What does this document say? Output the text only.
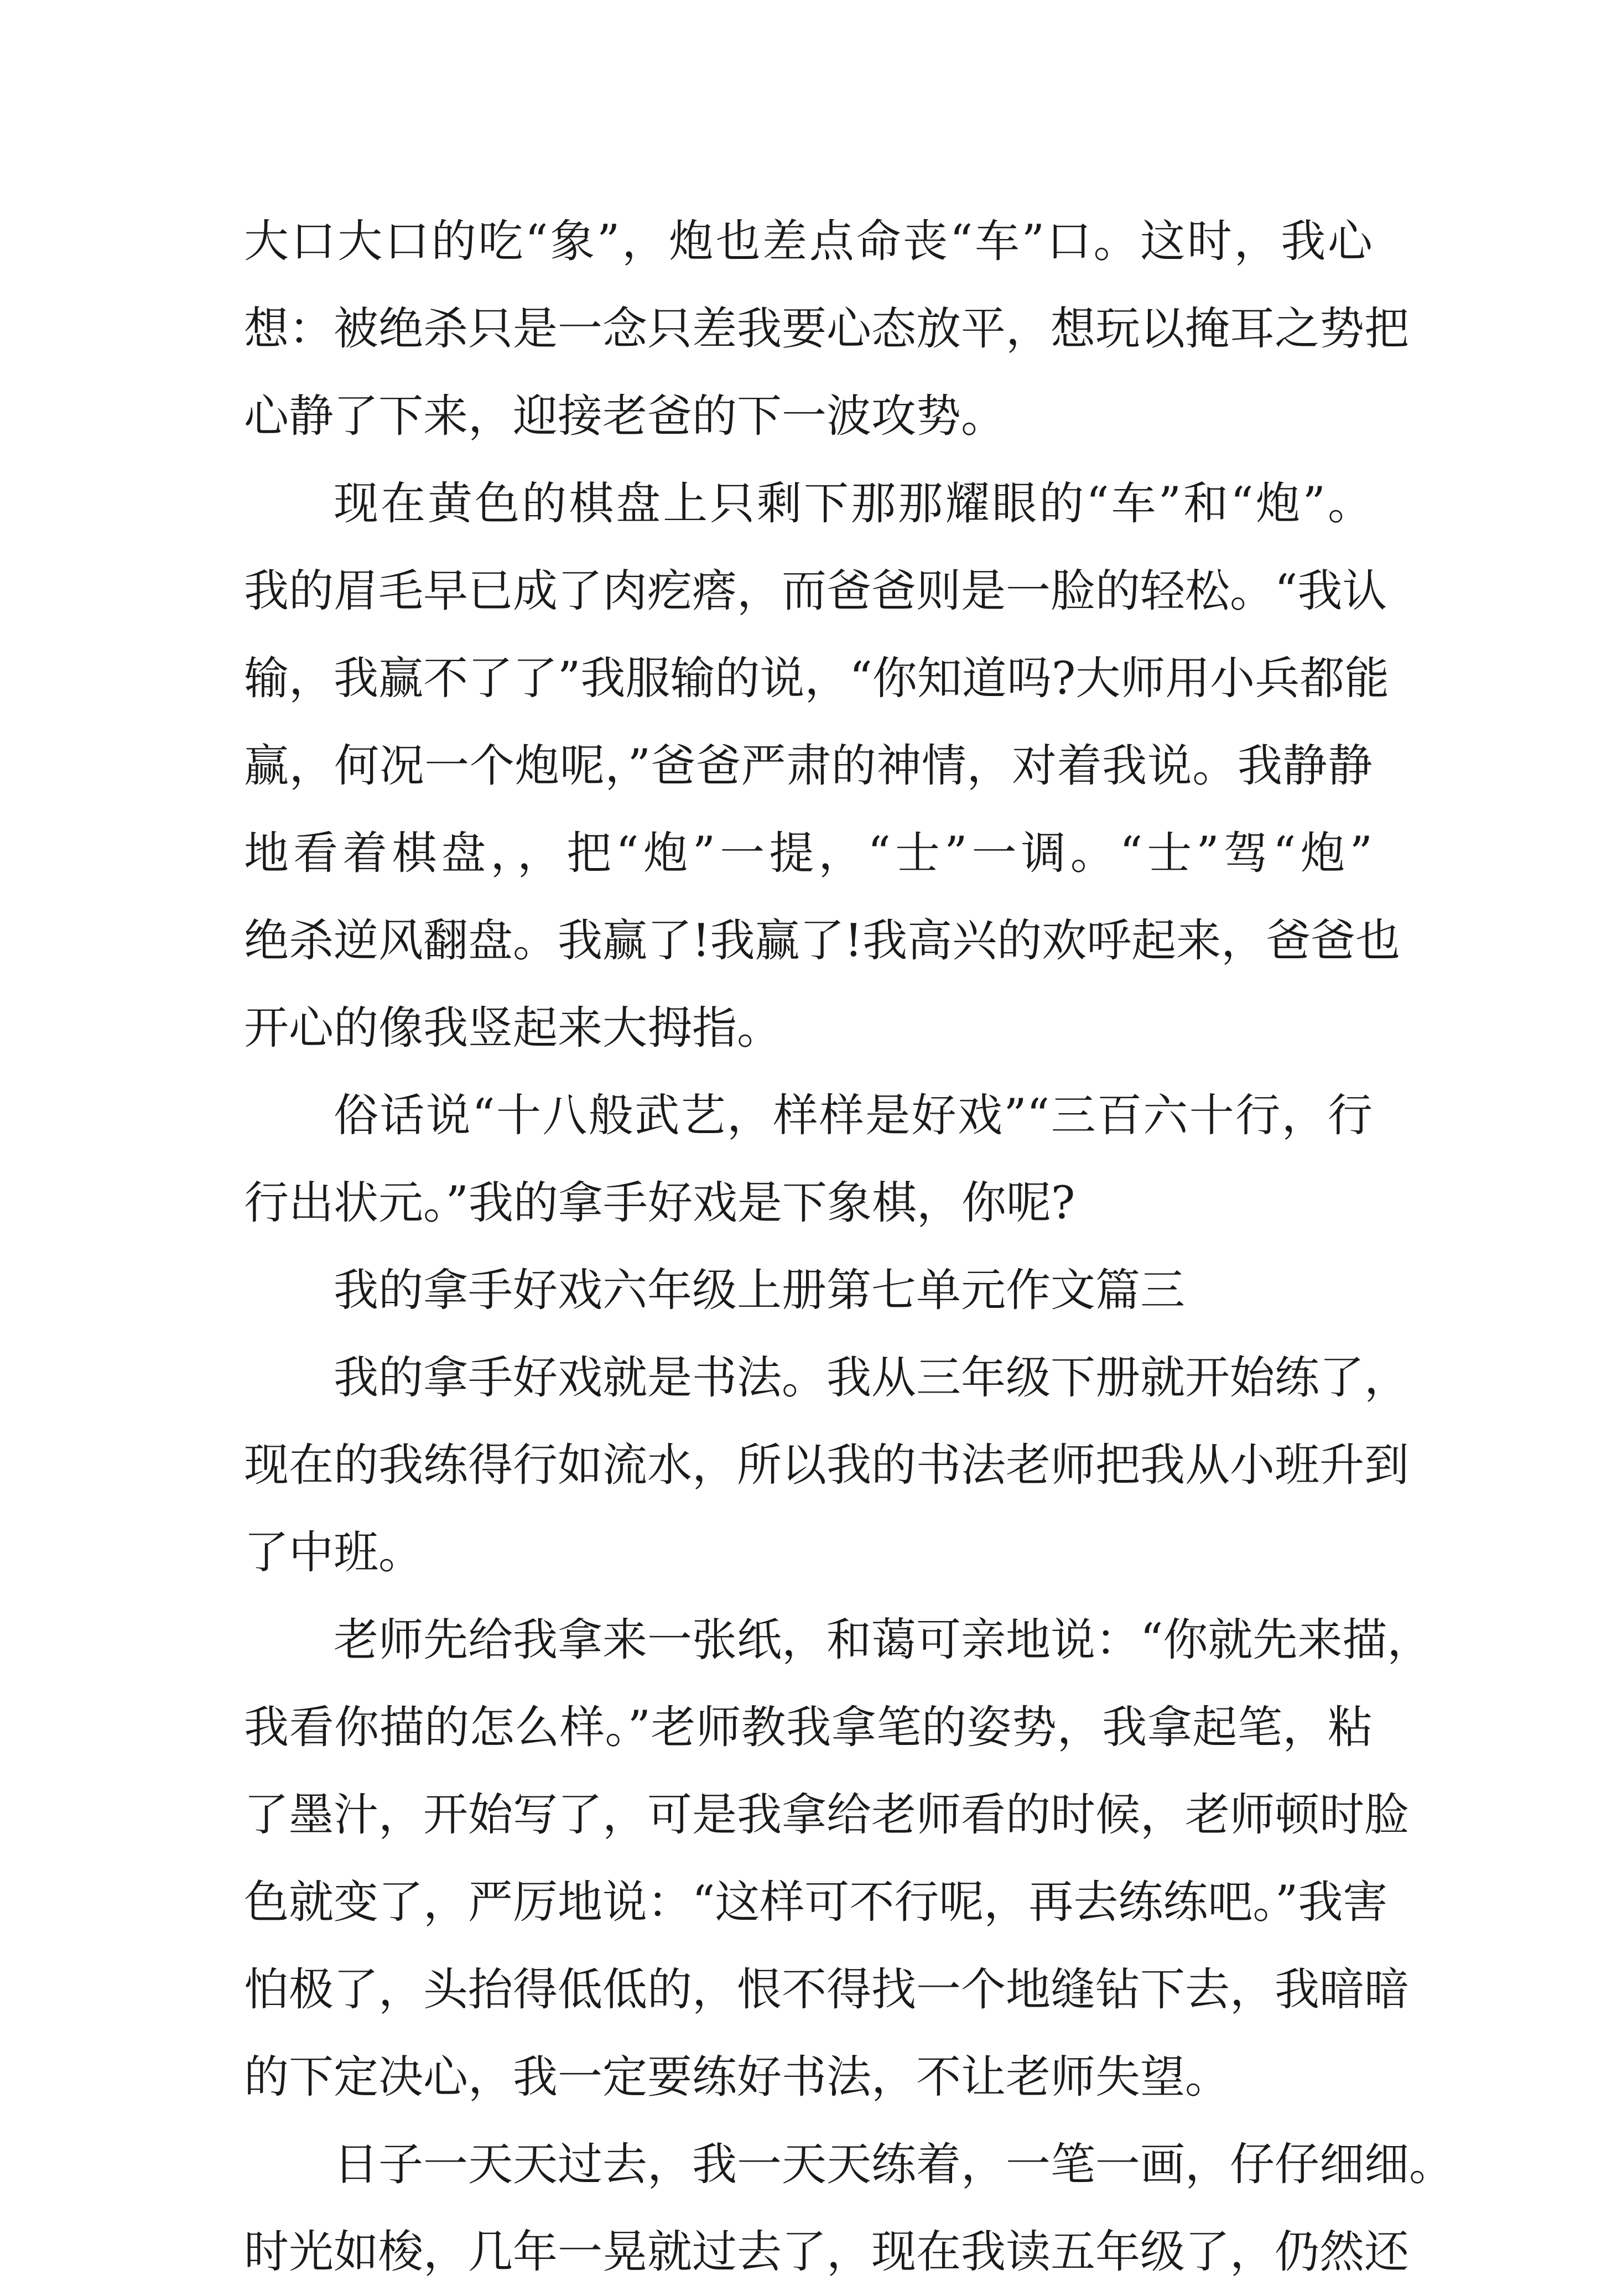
大口大口的吃“象”，炮也差点命丧“车”口。这时，我心
想：被绝杀只是一念只差我要心态放平，想玩以掩耳之势把
心静了下来，迎接老爸的下一波攻势。
现在黄色的棋盘上只剩下那那耀眼的“车”和“炮”。
我的眉毛早已成了肉疙瘩，而爸爸则是一脸的轻松。“我认
输，我赢不了了”我服输的说，“你知道吗?大师用小兵都能
赢，何况一个炮呢，”爸爸严肃的神情，对着我说。我静静
地看着棋盘，，把“炮”一提，“士”一调。“士”驾“炮”
绝杀逆风翻盘。我赢了!我赢了!我高兴的欢呼起来，爸爸也
开心的像我竖起来大拇指。
俗话说“十八般武艺，样样是好戏”“三百六十行，行
行出状元。”我的拿手好戏是下象棋，你呢?
我的拿手好戏六年级上册第七单元作文篇三
我的拿手好戏就是书法。我从三年级下册就开始练了，
现在的我练得行如流水，所以我的书法老师把我从小班升到
了中班。
老师先给我拿来一张纸，和蔼可亲地说：“你就先来描，
我看你描的怎么样。”老师教我拿笔的姿势，我拿起笔，粘
了墨汁，开始写了，可是我拿给老师看的时候，老师顿时脸
色就变了，严厉地说：“这样可不行呢，再去练练吧。”我害
怕极了，头抬得低低的，恨不得找一个地缝钻下去，我暗暗
的下定决心，我一定要练好书法，不让老师失望。
日子一天天过去，我一天天练着，一笔一画，仔仔细细。
时光如梭，几年一晃就过去了，现在我读五年级了，仍然还
